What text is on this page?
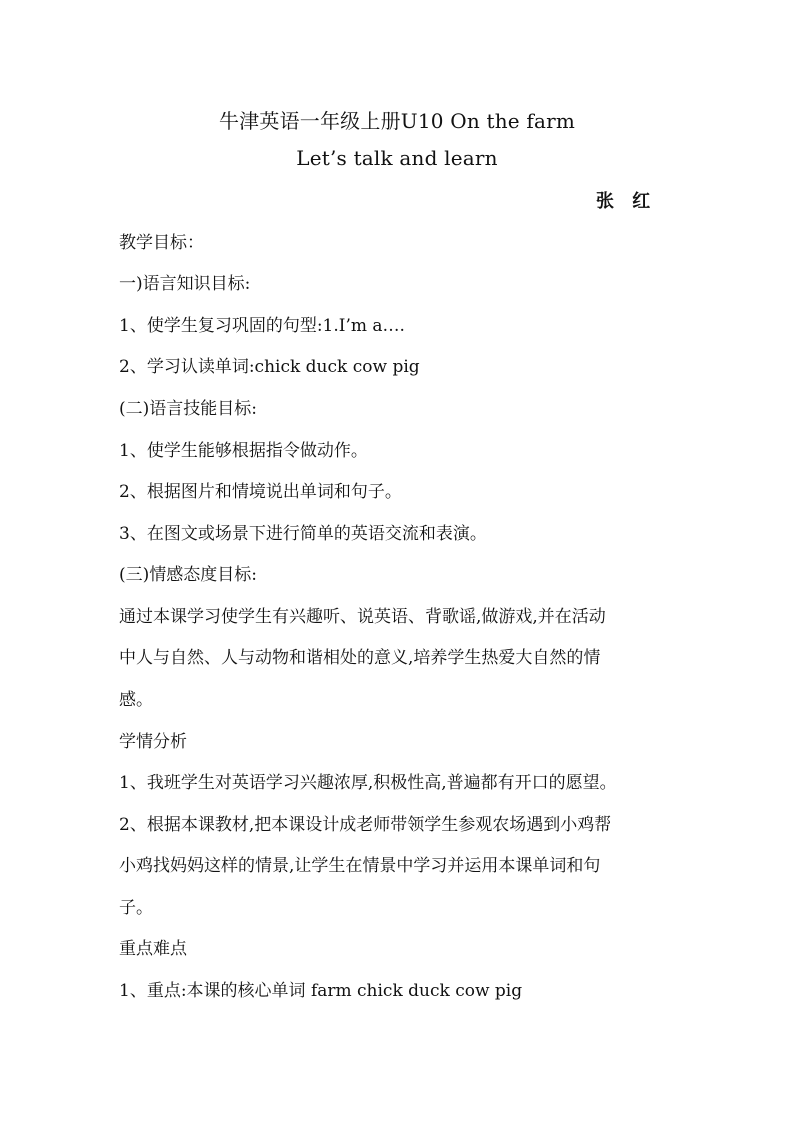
牛津英语一年级上册U10 On the farm
Let’s talk and learn
张 红
教学目标：
一)语言知识目标:
1、使学生复习巩固的句型:1.I’m a….
2、学习认读单词:chick duck cow pig
(二)语言技能目标:
1、使学生能够根据指令做动作。
2、根据图片和情境说出单词和句子。
3、在图文或场景下进行简单的英语交流和表演。
(三)情感态度目标:
通过本课学习使学生有兴趣听、说英语、背歌谣,做游戏,并在活动
中人与自然、人与动物和谐相处的意义,培养学生热爱大自然的情
感。
学情分析
1、我班学生对英语学习兴趣浓厚,积极性高,普遍都有开口的愿望。
2、根据本课教材,把本课设计成老师带领学生参观农场遇到小鸡帮
小鸡找妈妈这样的情景,让学生在情景中学习并运用本课单词和句
子。
重点难点
1、重点:本课的核心单词 farm chick duck cow pig
